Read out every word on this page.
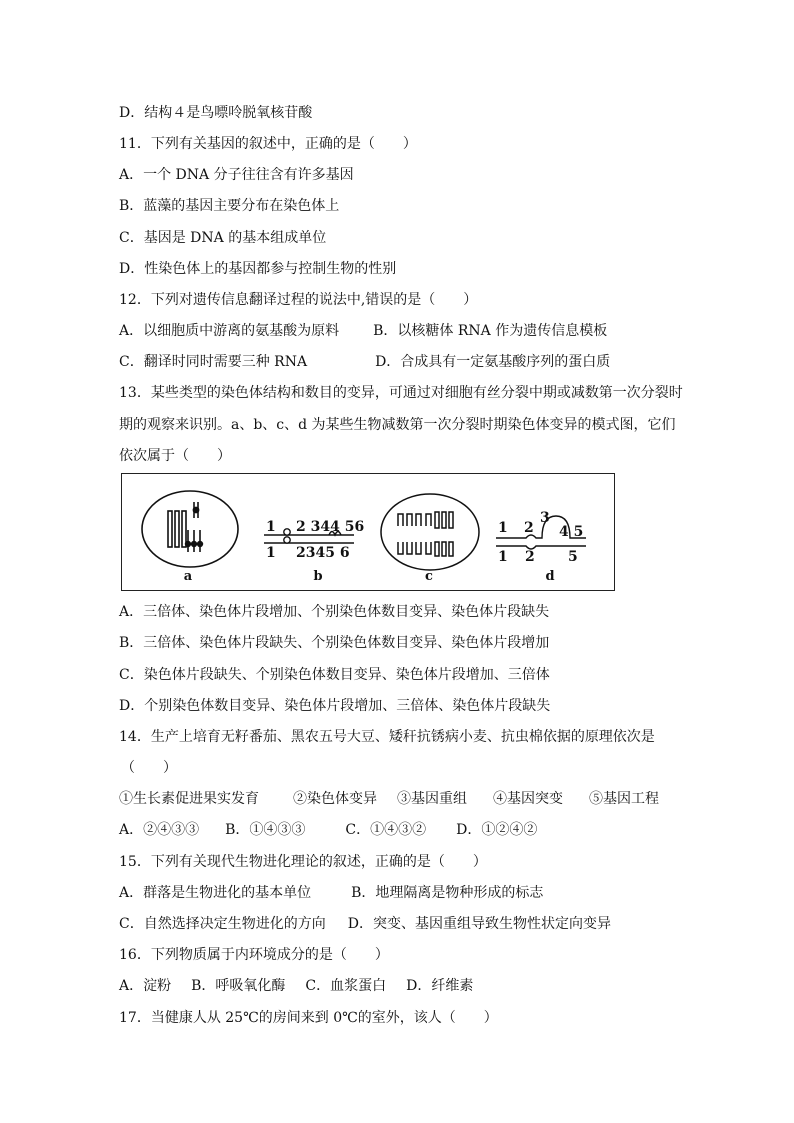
D．结构４是鸟嘌呤脱氧核苷酸
11．下列有关基因的叙述中，正确的是（　　）
A．一个 DNA 分子往往含有许多基因
B．蓝藻的基因主要分布在染色体上
C．基因是 DNA 的基本组成单位
D．性染色体上的基因都参与控制生物的性别
12．下列对遗传信息翻译过程的说法中,错误的是（　　）
A．以细胞质中游离的氨基酸为原料 B．以核糖体 RNA 作为遗传信息模板
C．翻译时同时需要三种 RNA	D．合成具有一定氨基酸序列的蛋白质
13．某些类型的染色体结构和数目的变异，可通过对细胞有丝分裂中期或减数第一次分裂时
期的观察来识别。a、b、c、d 为某些生物减数第一次分裂时期染色体变异的模式图，它们
依次属于（　　）
a
1 2 344 56
1 2345 6
b	c
1 2
3
4 5
1 2 5
d
A．三倍体、染色体片段增加、个别染色体数目变异、染色体片段缺失
B．三倍体、染色体片段缺失、个别染色体数目变异、染色体片段增加
C．染色体片段缺失、个别染色体数目变异、染色体片段增加、三倍体
D．个别染色体数目变异、染色体片段增加、三倍体、染色体片段缺失
14．生产上培育无籽番茄、黑农五号大豆、矮秆抗锈病小麦、抗虫棉依据的原理依次是
（　　）
①生长素促进果实发育 ②染色体变异 ③基因重组 ④基因突变 ⑤基因工程
A．②④③③ B．①④③③	C．①④③② D．①②④②
15．下列有关现代生物进化理论的叙述，正确的是（　　）
A．群落是生物进化的基本单位	B．地理隔离是物种形成的标志
C．自然选择决定生物进化的方向 D．突变、基因重组导致生物性状定向变异
16．下列物质属于内环境成分的是（　　）
A．淀粉 B．呼吸氧化酶 C．血浆蛋白 D．纤维素
17．当健康人从 25℃的房间来到 0℃的室外，该人（　　）
